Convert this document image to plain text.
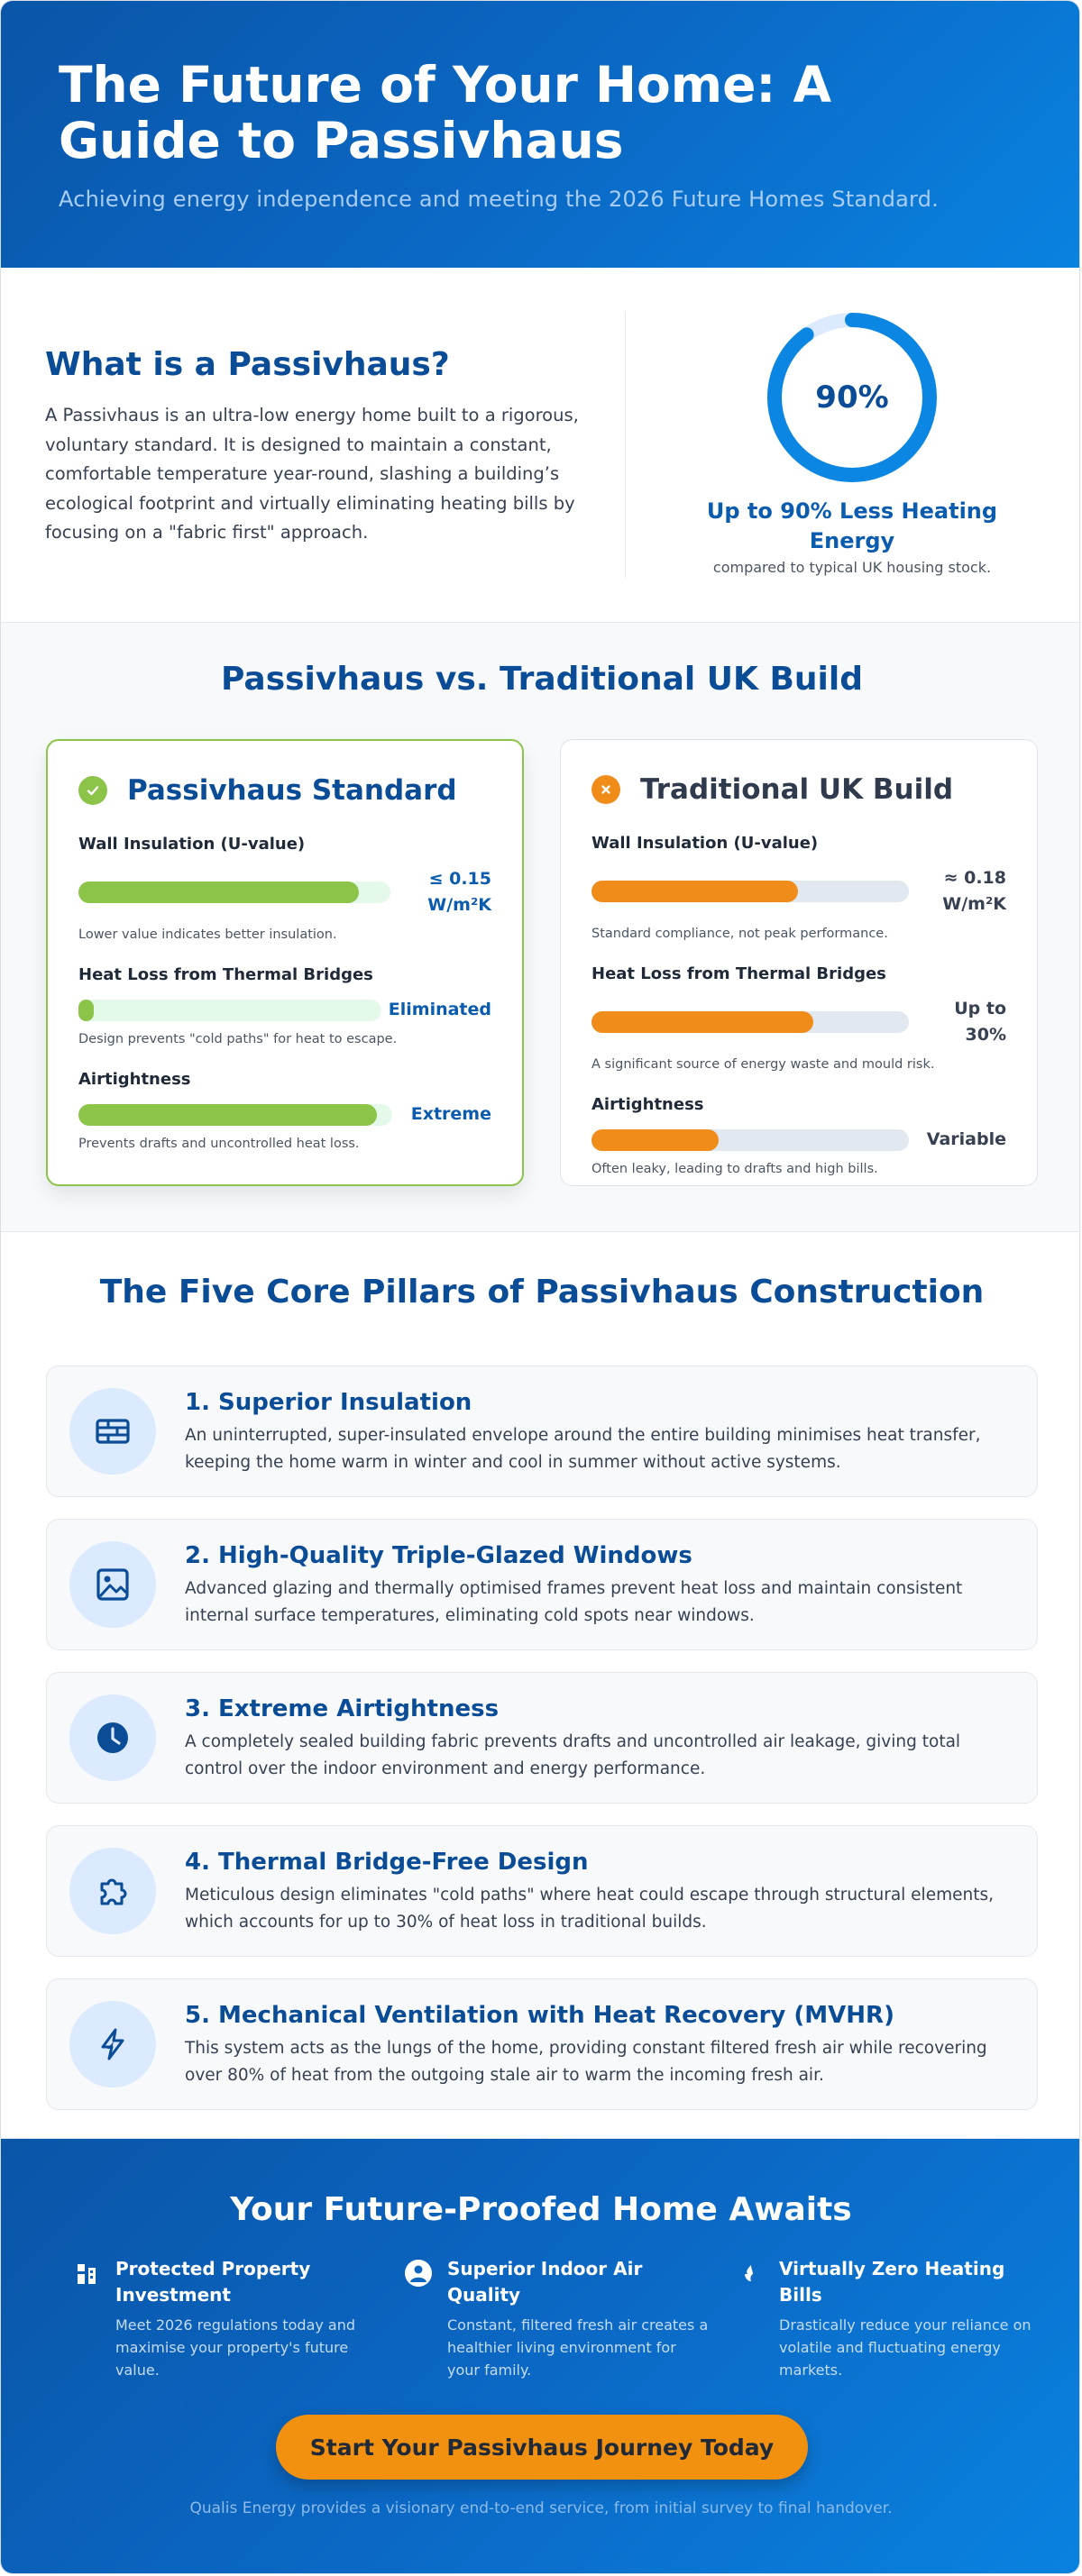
The Future of Your Home: A Guide to Passivhaus

Achieving energy independence and meeting the 2026 Future Homes Standard.

What is a Passivhaus?

A Passivhaus is an ultra-low energy home built to a rigorous, voluntary standard. It is designed to maintain a constant, comfortable temperature year-round, slashing a building’s ecological footprint and virtually eliminating heating bills by focusing on a "fabric first" approach.

90%
Up to 90% Less Heating Energy
compared to typical UK housing stock.
Passivhaus vs. Traditional UK Build
Passivhaus Standard
Wall Insulation (U-value)
≤ 0.15 W/m²K
Lower value indicates better insulation.
Heat Loss from Thermal Bridges
Eliminated
Design prevents "cold paths" for heat to escape.
Airtightness
Extreme
Prevents drafts and uncontrolled heat loss.
Traditional UK Build
Wall Insulation (U-value)
≈ 0.18 W/m²K
Standard compliance, not peak performance.
Heat Loss from Thermal Bridges
Up to 30%
A significant source of energy waste and mould risk.
Airtightness
Variable
Often leaky, leading to drafts and high bills.
The Five Core Pillars of Passivhaus Construction
1. Superior Insulation

An uninterrupted, super-insulated envelope around the entire building minimises heat transfer, keeping the home warm in winter and cool in summer without active systems.

2. High-Quality Triple-Glazed Windows

Advanced glazing and thermally optimised frames prevent heat loss and maintain consistent internal surface temperatures, eliminating cold spots near windows.

3. Extreme Airtightness

A completely sealed building fabric prevents drafts and uncontrolled air leakage, giving total control over the indoor environment and energy performance.

4. Thermal Bridge-Free Design

Meticulous design eliminates "cold paths" where heat could escape through structural elements, which accounts for up to 30% of heat loss in traditional builds.

5. Mechanical Ventilation with Heat Recovery (MVHR)

This system acts as the lungs of the home, providing constant filtered fresh air while recovering over 80% of heat from the outgoing stale air to warm the incoming fresh air.

Your Future-Proofed Home Awaits
Protected Property Investment

Meet 2026 regulations today and maximise your property's future value.

Superior Indoor Air Quality

Constant, filtered fresh air creates a healthier living environment for your family.

Virtually Zero Heating Bills

Drastically reduce your reliance on volatile and fluctuating energy markets.

Start Your Passivhaus Journey Today
Qualis Energy provides a visionary end-to-end service, from initial survey to final handover.
